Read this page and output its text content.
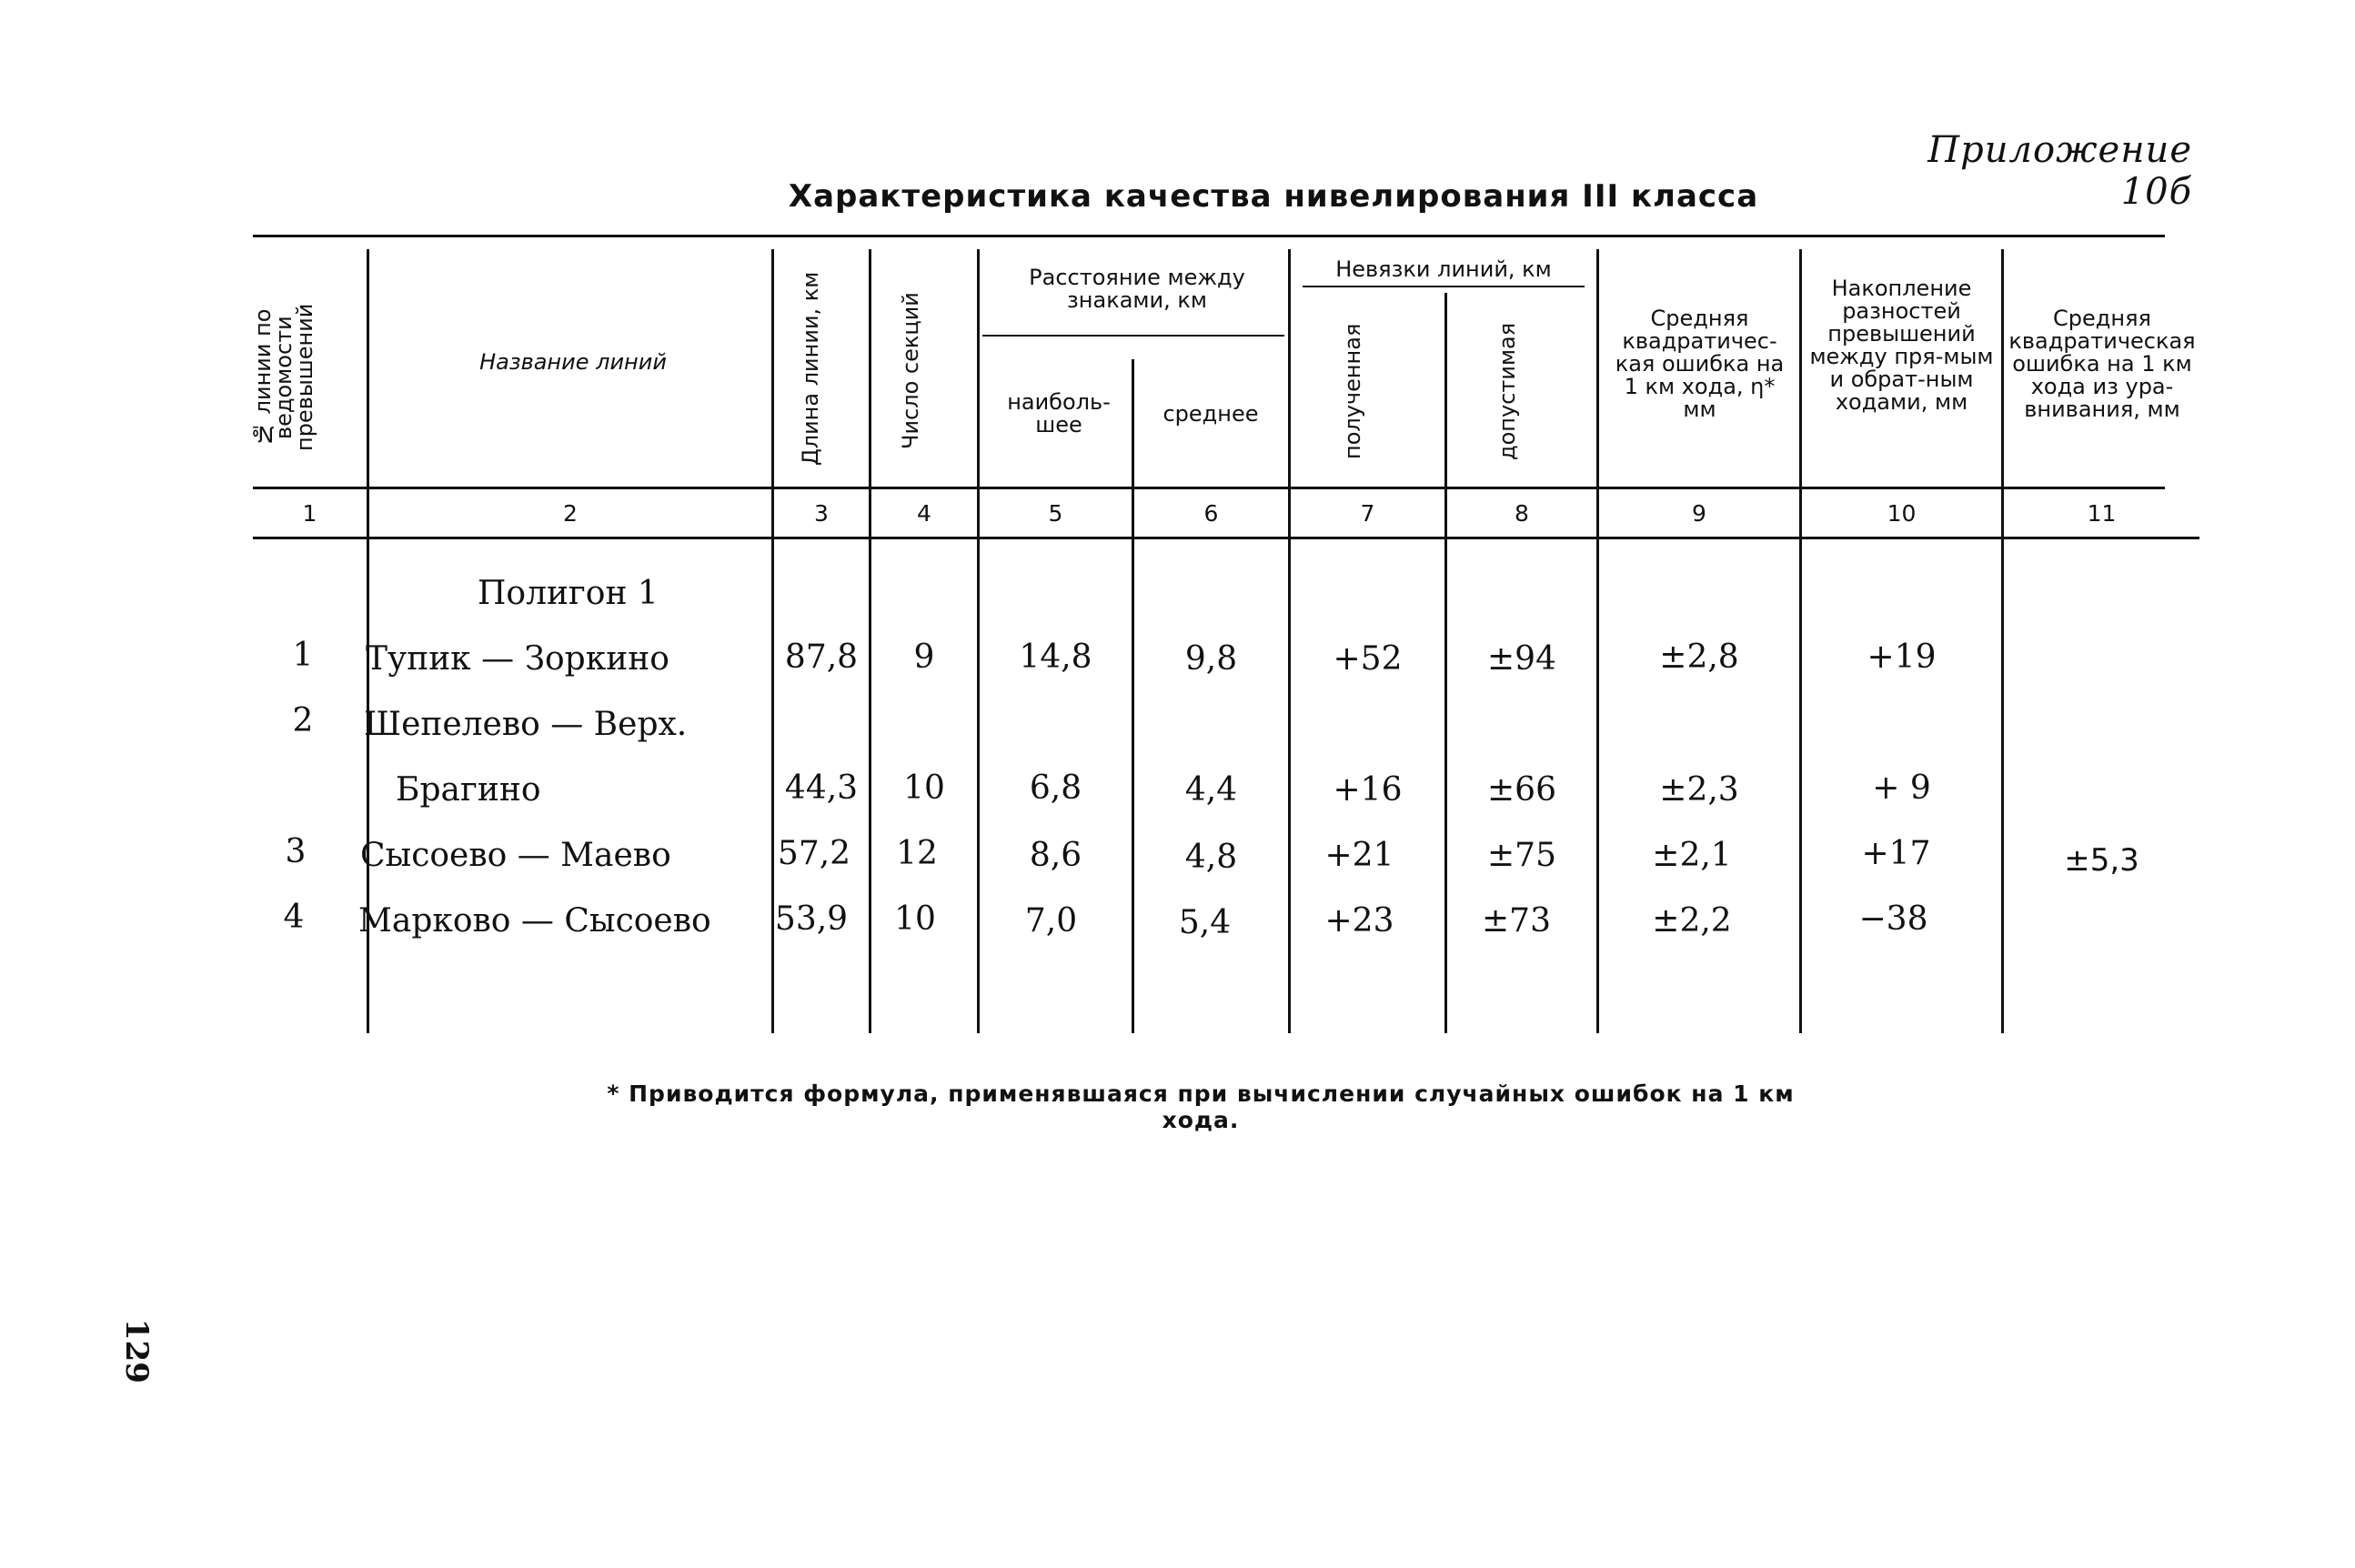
Приложение 10б
Характеристика качества нивелирования III класса
№ линии по ведомости превышений	Название линий	Длина линии, км	Число секций
Расстояние между знаками, км
наиболь-шее	среднее
Невязки линий, км
полученная	допустимая
Средняя квадратичес-кая ошибка на 1 км хода, η* мм
Накопление разностей превышений между пря-мым и обрат-ным ходами, мм
Средняя квадратическая ошибка на 1 км хода из ура-внивания, мм
1	2	3	4	5	6	7	8	9	10	11
Полигон 1
1	Тупик — Зоркино	87,8	9	14,8	9,8	+52	±94	±2,8	+19
2	Шепелево — Верх.
Брагино	44,3	10	6,8	4,4	+16	±66	±2,3	+ 9
3	Сысоево — Маево	57,2	12	8,6	4,8	+21	±75	±2,1	+17	±5,3
4	Марково — Сысоево	53,9	10	7,0	5,4	+23	±73	±2,2	−38
* Приводится формула, применявшаяся при вычислении случайных ошибок на 1 км хода.
129
